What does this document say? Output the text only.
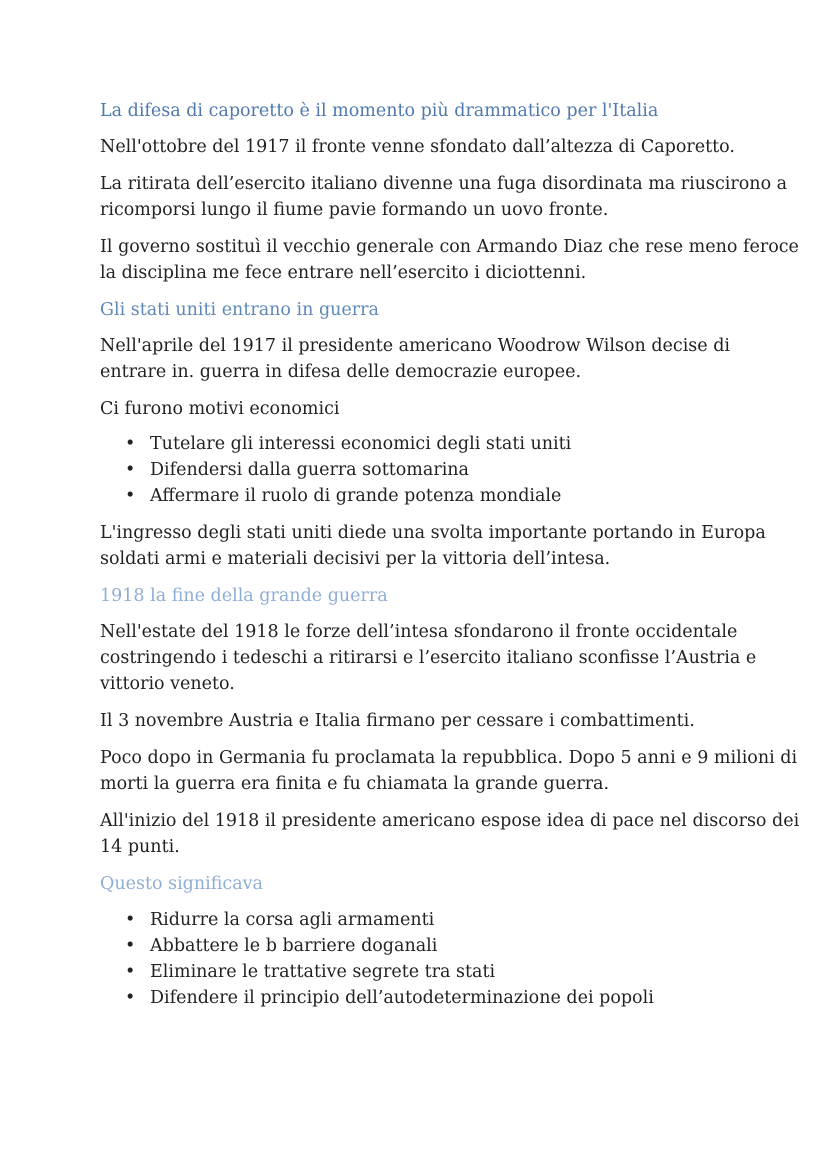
La difesa di caporetto è il momento più drammatico per l'Italia

Nell'ottobre del 1917 il fronte venne sfondato dall’altezza di Caporetto.

La ritirata dell’esercito italiano divenne una fuga disordinata ma riuscirono a ricomporsi lungo il fiume pavie formando un uovo fronte.

Il governo sostituì il vecchio generale con Armando Diaz che rese meno feroce la disciplina me fece entrare nell’esercito i diciottenni.

Gli stati uniti entrano in guerra

Nell'aprile del 1917 il presidente americano Woodrow Wilson decise di entrare in. guerra in difesa delle democrazie europee.

Ci furono motivi economici

• Tutelare gli interessi economici degli stati uniti
• Difendersi dalla guerra sottomarina
• Affermare il ruolo di grande potenza mondiale

L'ingresso degli stati uniti diede una svolta importante portando in Europa soldati armi e materiali decisivi per la vittoria dell’intesa.

1918 la fine della grande guerra

Nell'estate del 1918 le forze dell’intesa sfondarono il fronte occidentale costringendo i tedeschi a ritirarsi e l’esercito italiano sconfisse l’Austria e vittorio veneto.

Il 3 novembre Austria e Italia firmano per cessare i combattimenti.

Poco dopo in Germania fu proclamata la repubblica. Dopo 5 anni e 9 milioni di morti la guerra era finita e fu chiamata la grande guerra.

All'inizio del 1918 il presidente americano espose idea di pace nel discorso dei 14 punti.

Questo significava
• Ridurre la corsa agli armamenti
• Abbattere le b barriere doganali
• Eliminare le trattative segrete tra stati
• Difendere il principio dell’autodeterminazione dei popoli
